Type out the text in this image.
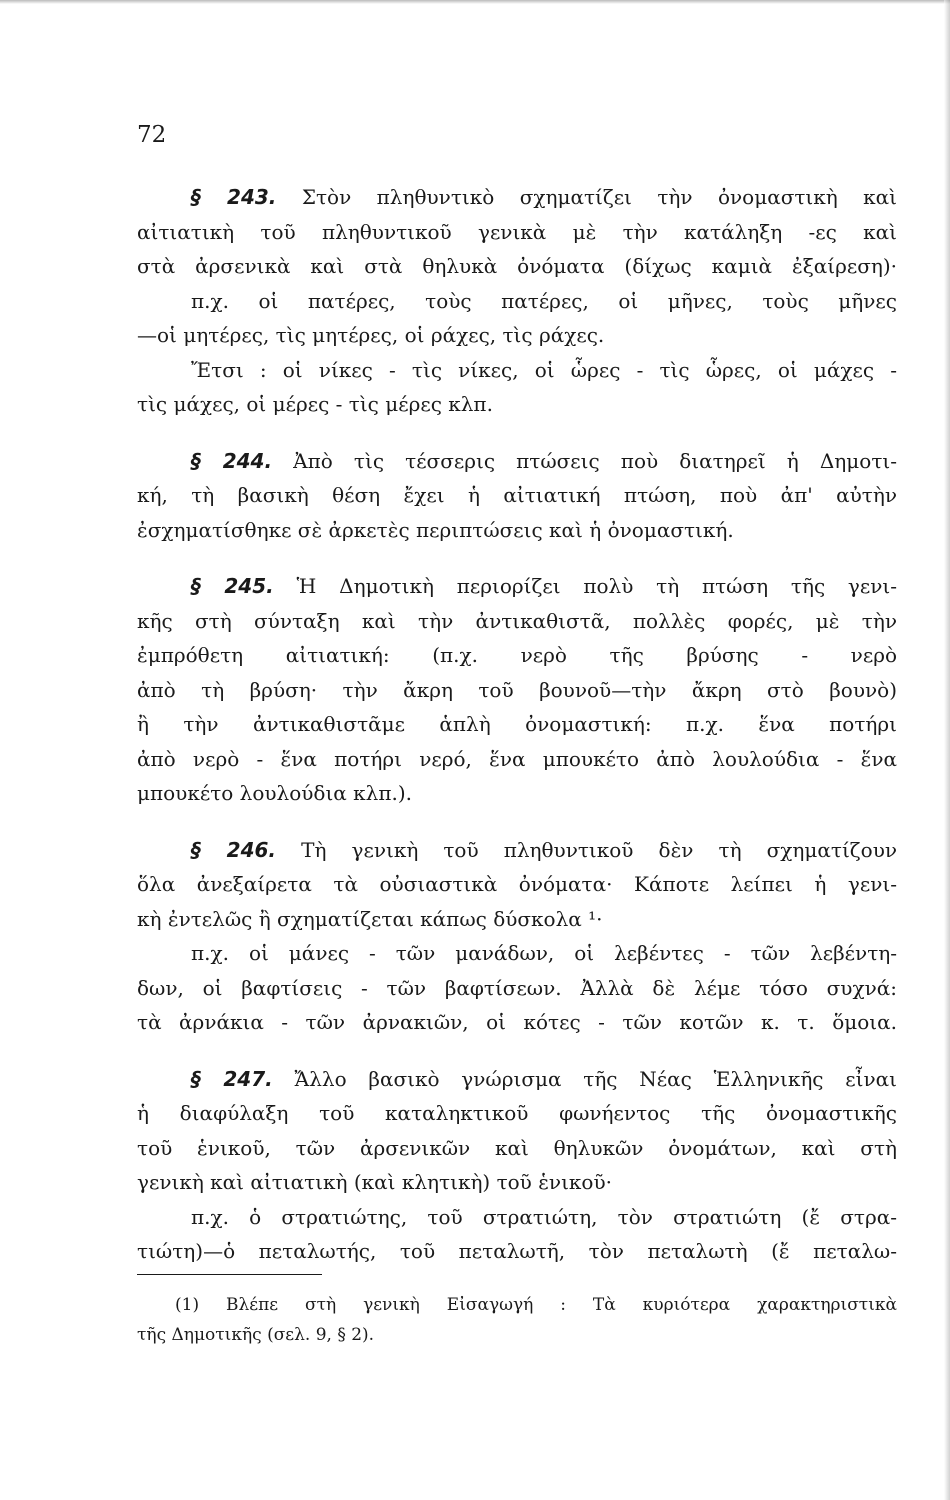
72
§ 243. Στὸν πληθυντικὸ σχηματίζει τὴν ὀνομαστικὴ καὶ
αἰτιατικὴ τοῦ πληθυντικοῦ γενικὰ μὲ τὴν κατάληξη -ες καὶ
στὰ ἀρσενικὰ καὶ στὰ θηλυκὰ ὀνόματα (δίχως καμιὰ ἐξαίρεση)·
π.χ. οἱ πατέρες, τοὺς πατέρες, οἱ μῆνες, τοὺς μῆνες
—οἱ μητέρες, τὶς μητέρες, οἱ ράχες, τὶς ράχες.
Ἔτσι : οἱ νίκες - τὶς νίκες, οἱ ὧρες - τὶς ὧρες, οἱ μάχες -
τὶς μάχες, οἱ μέρες - τὶς μέρες κλπ.
§ 244. Ἀπὸ τὶς τέσσερις πτώσεις ποὺ διατηρεῖ ἡ Δημοτι-
κή, τὴ βασικὴ θέση ἔχει ἡ αἰτιατική πτώση, ποὺ ἀπ' αὐτὴν
ἐσχηματίσθηκε σὲ ἀρκετὲς περιπτώσεις καὶ ἡ ὀνομαστική.
§ 245. Ἡ Δημοτικὴ περιορίζει πολὺ τὴ πτώση τῆς γενι-
κῆς στὴ σύνταξη καὶ τὴν ἀντικαθιστᾶ, πολλὲς φορές, μὲ τὴν
ἐμπρόθετη αἰτιατική: (π.χ. νερὸ τῆς βρύσης - νερὸ
ἀπὸ τὴ βρύση· τὴν ἄκρη τοῦ βουνοῦ—τὴν ἄκρη στὸ βουνὸ)
ἢ τὴν ἀντικαθιστᾶμε ἁπλὴ ὀνομαστική: π.χ. ἕνα ποτήρι
ἀπὸ νερὸ - ἕνα ποτήρι νερό, ἕνα μπουκέτο ἀπὸ λουλούδια - ἕνα
μπουκέτο λουλούδια κλπ.).
§ 246. Τὴ γενικὴ τοῦ πληθυντικοῦ δὲν τὴ σχηματίζουν
ὅλα ἀνεξαίρετα τὰ οὐσιαστικὰ ὀνόματα· Κάποτε λείπει ἡ γενι-
κὴ ἐντελῶς ἢ σχηματίζεται κάπως δύσκολα ¹·
π.χ. οἱ μάνες - τῶν μανάδων, οἱ λεβέντες - τῶν λεβέντη-
δων, οἱ βαφτίσεις - τῶν βαφτίσεων. Ἀλλὰ δὲ λέμε τόσο συχνά:
τὰ ἀρνάκια - τῶν ἀρνακιῶν, οἱ κότες - τῶν κοτῶν κ. τ. ὅμοια.
§ 247. Ἄλλο βασικὸ γνώρισμα τῆς Νέας Ἑλληνικῆς εἶναι
ἡ διαφύλαξη τοῦ καταληκτικοῦ φωνήεντος τῆς ὀνομαστικῆς
τοῦ ἑνικοῦ, τῶν ἀρσενικῶν καὶ θηλυκῶν ὀνομάτων, καὶ στὴ
γενικὴ καὶ αἰτιατικὴ (καὶ κλητικὴ) τοῦ ἑνικοῦ·
π.χ. ὁ στρατιώτης, τοῦ στρατιώτη, τὸν στρατιώτη (ἔ στρα-
τιώτη)—ὁ πεταλωτής, τοῦ πεταλωτῆ, τὸν πεταλωτὴ (ἔ πεταλω-
(1) Βλέπε στὴ γενικὴ Εἰσαγωγή : Τὰ κυριότερα χαρακτηριστικὰ
τῆς Δημοτικῆς (σελ. 9, § 2).
